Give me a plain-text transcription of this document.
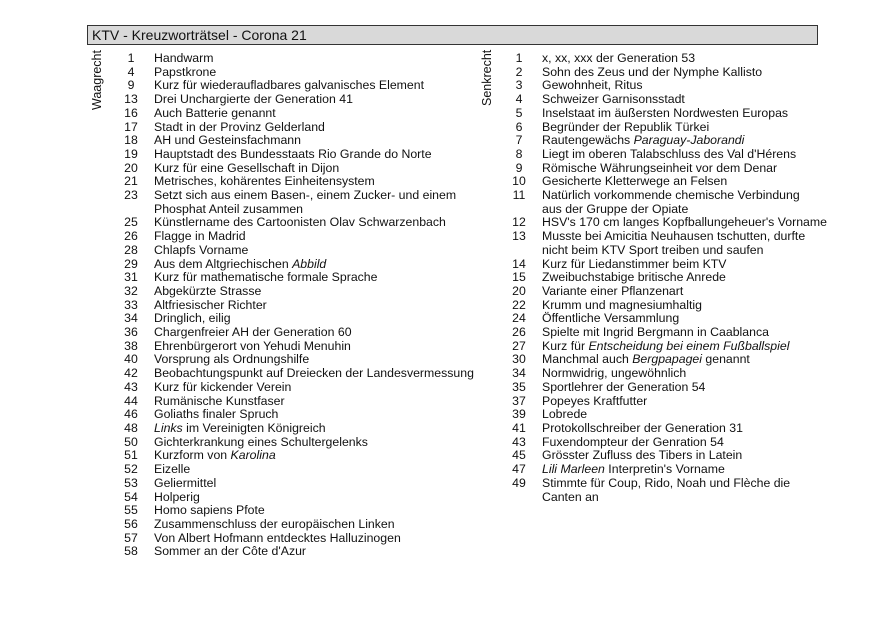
KTV - Kreuzworträtsel - Corona 21
Waagrecht	Senkrecht
1	Handwarm
4	Papstkrone
9	Kurz für wiederaufladbares galvanisches Element
13	Drei Unchargierte der Generation 41
16	Auch Batterie genannt
17	Stadt in der Provinz Gelderland
18	AH und Gesteinsfachmann
19	Hauptstadt des Bundesstaats Rio Grande do Norte
20	Kurz für eine Gesellschaft in Dijon
21	Metrisches, kohärentes Einheitensystem
23	Setzt sich aus einem Basen-, einem Zucker- und einem Phosphat Anteil zusammen
25	Künstlername des Cartoonisten Olav Schwarzenbach
26	Flagge in Madrid
28	Chlapfs Vorname
29	Aus dem Altgriechischen Abbild
31	Kurz für mathematische formale Sprache
32	Abgekürzte Strasse
33	Altfriesischer Richter
34	Dringlich, eilig
36	Chargenfreier AH der Generation 60
38	Ehrenbürgerort von Yehudi Menuhin
40	Vorsprung als Ordnungshilfe
42	Beobachtungspunkt auf Dreiecken der Landesvermessung
43	Kurz für kickender Verein
44	Rumänische Kunstfaser
46	Goliaths finaler Spruch
48	Links im Vereinigten Königreich
50	Gichterkrankung eines Schultergelenks
51	Kurzform von Karolina
52	Eizelle
53	Geliermittel
54	Holperig
55	Homo sapiens Pfote
56	Zusammenschluss der europäischen Linken
57	Von Albert Hofmann entdecktes Halluzinogen
58	Sommer an der Côte d'Azur
1	x, xx, xxx der Generation 53
2	Sohn des Zeus und der Nymphe Kallisto
3	Gewohnheit, Ritus
4	Schweizer Garnisonsstadt
5	Inselstaat im äußersten Nordwesten Europas
6	Begründer der Republik Türkei
7	Rautengewächs Paraguay-Jaborandi
8	Liegt im oberen Talabschluss des Val d'Hérens
9	Römische Währungseinheit vor dem Denar
10	Gesicherte Kletterwege an Felsen
11	Natürlich vorkommende chemische Verbindung aus der Gruppe der Opiate
12	HSV's 170 cm langes Kopfballungeheuer's Vorname
13	Musste bei Amicitia Neuhausen tschutten, durfte nicht beim KTV Sport treiben und saufen
14	Kurz für Liedanstimmer beim KTV
15	Zweibuchstabige britische Anrede
20	Variante einer Pflanzenart
22	Krumm und magnesiumhaltig
24	Öffentliche Versammlung
26	Spielte mit Ingrid Bergmann in Caablanca
27	Kurz für Entscheidung bei einem Fußballspiel
30	Manchmal auch Bergpapagei genannt
34	Normwidrig, ungewöhnlich
35	Sportlehrer der Generation 54
37	Popeyes Kraftfutter
39	Lobrede
41	Protokollschreiber der Generation 31
43	Fuxendompteur der Genration 54
45	Grösster Zufluss des Tibers in Latein
47	Lili Marleen Interpretin's Vorname
49	Stimmte für Coup, Rido, Noah und Flèche die Canten an
